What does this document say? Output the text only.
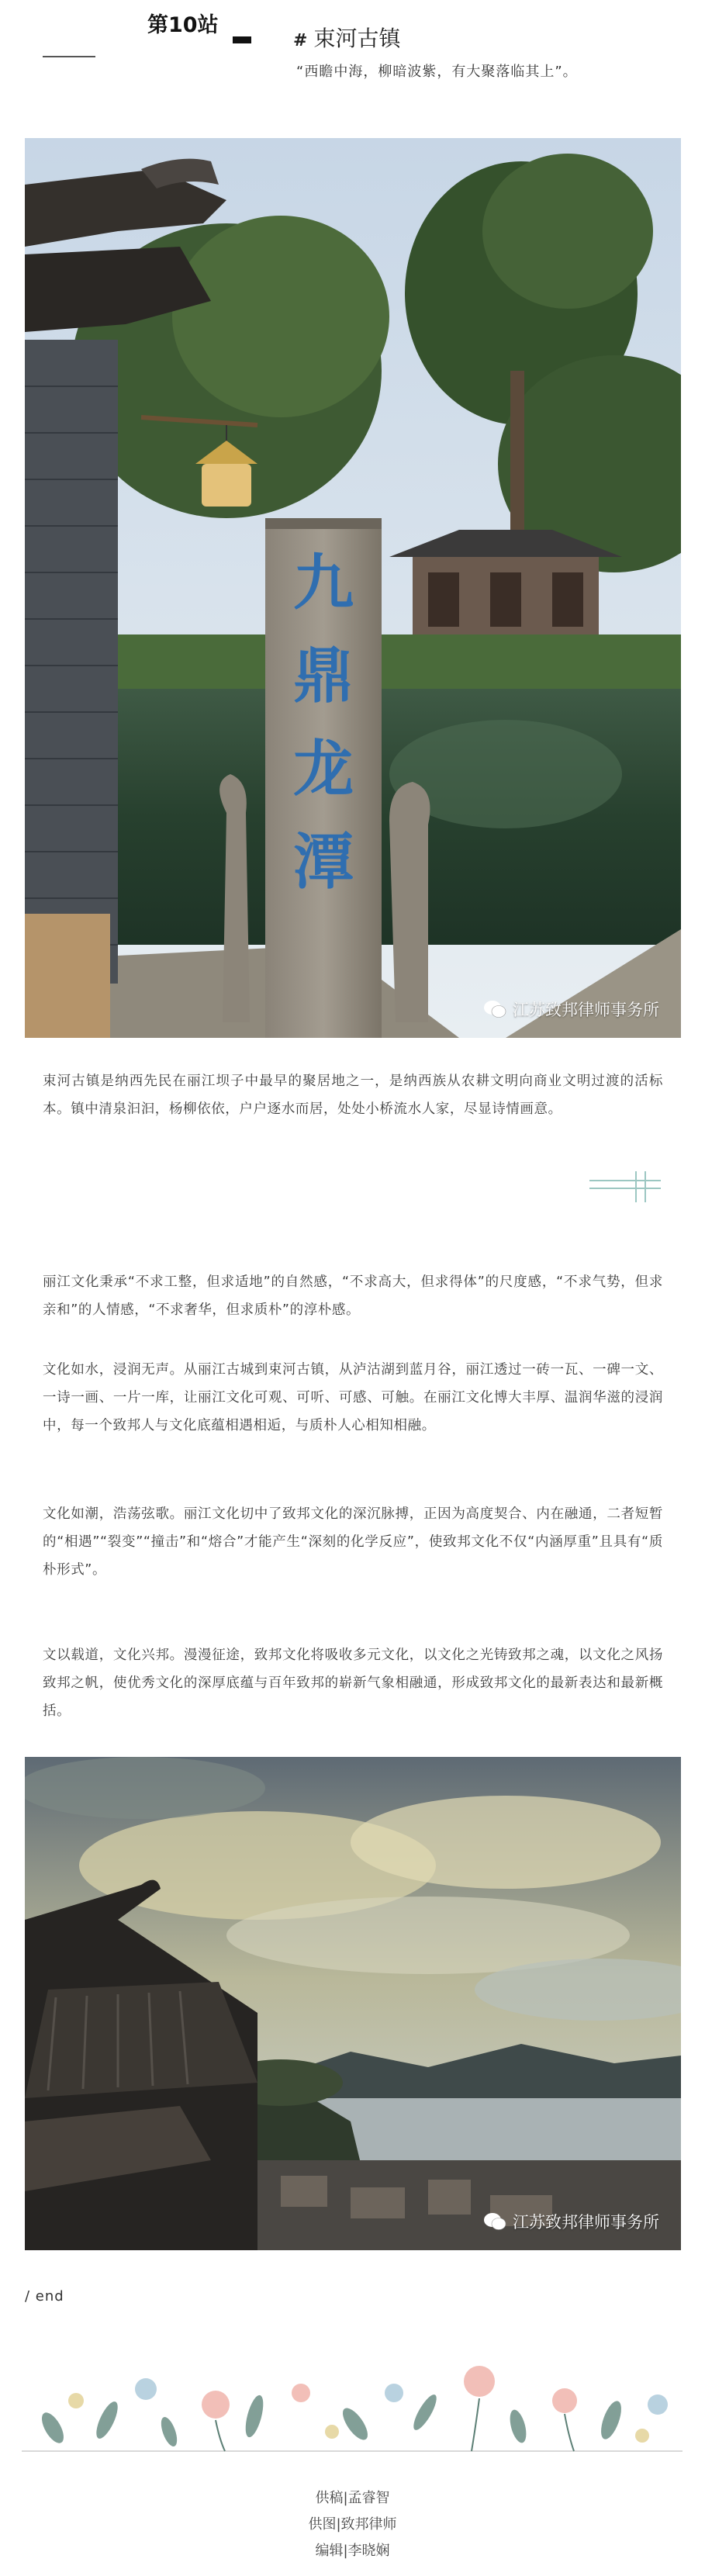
第10站
# 束河古镇
“西瞻中海，柳暗波紫，有大聚落临其上”。
九
鼎
龙
潭
江苏致邦律师事务所

束河古镇是纳西先民在丽江坝子中最早的聚居地之一，是纳西族从农耕文明向商业文明过渡的活标本。镇中清泉汩汩，杨柳依依，户户逐水而居，处处小桥流水人家，尽显诗情画意。

丽江文化秉承“不求工整，但求适地”的自然感，“不求高大，但求得体”的尺度感，“不求气势，但求亲和”的人情感，“不求奢华，但求质朴”的淳朴感。

文化如水，浸润无声。从丽江古城到束河古镇，从泸沽湖到蓝月谷，丽江透过一砖一瓦、一碑一文、一诗一画、一片一库，让丽江文化可观、可听、可感、可触。在丽江文化博大丰厚、温润华滋的浸润中，每一个致邦人与文化底蕴相遇相逅，与质朴人心相知相融。

文化如潮，浩荡弦歌。丽江文化切中了致邦文化的深沉脉搏，正因为高度契合、内在融通，二者短暂的“相遇”“裂变”“撞击”和“熔合”才能产生“深刻的化学反应”，使致邦文化不仅“内涵厚重”且具有“质朴形式”。

文以载道，文化兴邦。漫漫征途，致邦文化将吸收多元文化，以文化之光铸致邦之魂，以文化之风扬致邦之帆，使优秀文化的深厚底蕴与百年致邦的崭新气象相融通，形成致邦文化的最新表达和最新概括。

江苏致邦律师事务所
/ end
供稿|孟睿智
供图|致邦律师
编辑|李晓娴
